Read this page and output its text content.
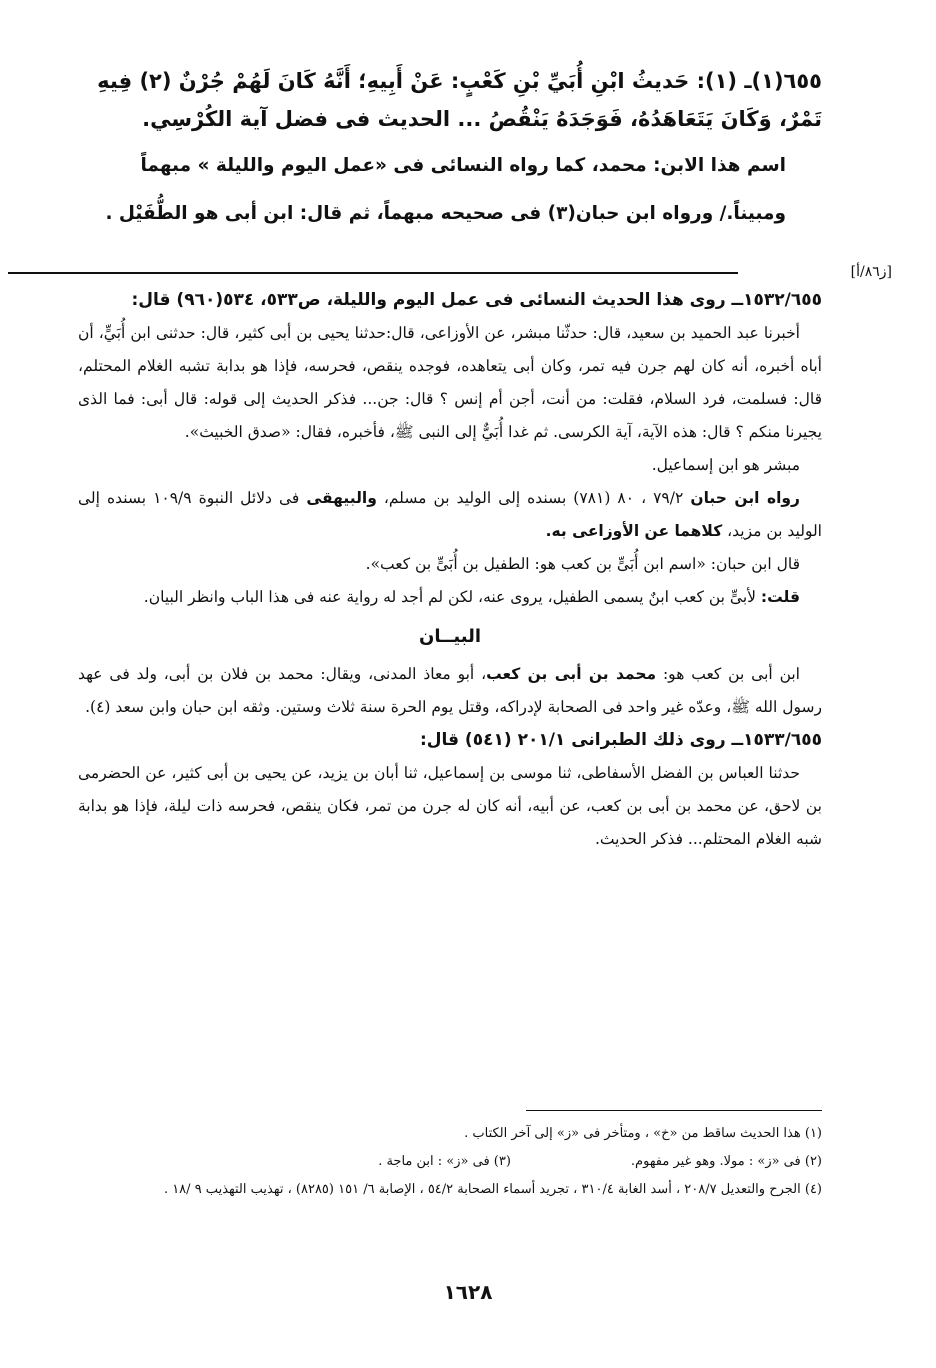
٦٥٥(١)ـ (١): حَديثُ ابْنِ أُبَيِّ بْنِ كَعْبٍ: عَنْ أَبِيهِ؛ أَنَّهُ كَانَ لَهُمْ جُرْنٌ (٢) فِيهِ تَمْرٌ، وَكَانَ يَتَعَاهَدُهُ، فَوَجَدَهُ يَنْقُصُ ... الحديث فى فضل آية الكُرْسِي.

[ز٨٦/أ]

اسم هذا الابن: محمد، كما رواه النسائى فى «عمل اليوم والليلة » مبهماً ومبيناً./ ورواه ابن حبان(٣) فى صحيحه مبهماً، ثم قال: ابن أبى هو الطُّفَيْل .

١٥٣٢/٦٥٥ــ روى هذا الحديث النسائى فى عمل اليوم والليلة، ص٥٣٣، ٥٣٤(٩٦٠) قال:

أخبرنا عبد الحميد بن سعيد، قال: حدثّنا مبشر، عن الأوزاعى، قال:حدثنا يحيى بن أبى كثير، قال: حدثنى ابن أُبَيٍّ، أن أباه أخبره، أنه كان لهم جرن فيه تمر، وكان أبى يتعاهده، فوجده ينقص، فحرسه، فإذا هو بدابة تشبه الغلام المحتلم، قال: فسلمت، فرد السلام، فقلت: من أنت، أجن أم إنس ؟ قال: جن... فذكر الحديث إلى قوله: قال أبى: فما الذى يجيرنا منكم ؟ قال: هذه الآية، آية الكرسى. ثم غدا أُبَيٌّ إلى النبى ﷺ، فأخبره، فقال: «صدق الخبيث».

مبشر هو ابن إسماعيل.

رواه ابن حبان ٧٩/٢ ، ٨٠ (٧٨١) بسنده إلى الوليد بن مسلم، والبيهقى فى دلائل النبوة ١٠٩/٩ بسنده إلى الوليد بن مزيد، كلاهما عن الأوزاعى به.

قال ابن حبان: «اسم ابن أُبَىٍّ بن كعب هو: الطفيل بن أُبَىٍّ بن كعب».

قلت: لأبىٍّ بن كعب ابنٌ يسمى الطفيل، يروى عنه، لكن لم أجد له رواية عنه فى هذا الباب وانظر البيان.

البيــان

ابن أبى بن كعب هو: محمد بن أبى بن كعب، أبو معاذ المدنى، ويقال: محمد بن فلان بن أبى، ولد فى عهد رسول الله ﷺ، وعدّه غير واحد فى الصحابة لإدراكه، وقتل يوم الحرة سنة ثلاث وستين. وثقه ابن حبان وابن سعد (٤).

١٥٣٣/٦٥٥ــ روى ذلك الطبرانى ٢٠١/١ (٥٤١) قال:

حدثنا العباس بن الفضل الأسفاطى، ثنا موسى بن إسماعيل، ثنا أبان بن يزيد، عن يحيى بن أبى كثير، عن الحضرمى بن لاحق، عن محمد بن أبى بن كعب، عن أبيه، أنه كان له جرن من تمر، فكان ينقص، فحرسه ذات ليلة، فإذا هو بدابة شبه الغلام المحتلم... فذكر الحديث.

(١) هذا الحديث ساقط من «خ» ، ومتأخر فى «ز» إلى آخر الكتاب .

(٢) فى «ز» : مولا. وهو غير مفهوم.

(٣) فى «ز» : ابن ماجة .

(٤) الجرح والتعديل ٢٠٨/٧ ، أسد الغابة ٣١٠/٤ ، تجريد أسماء الصحابة ٥٤/٢ ، الإصابة ٦/ ١٥١ (٨٢٨٥) ، تهذيب التهذيب ٩ /١٨ .

١٦٢٨
